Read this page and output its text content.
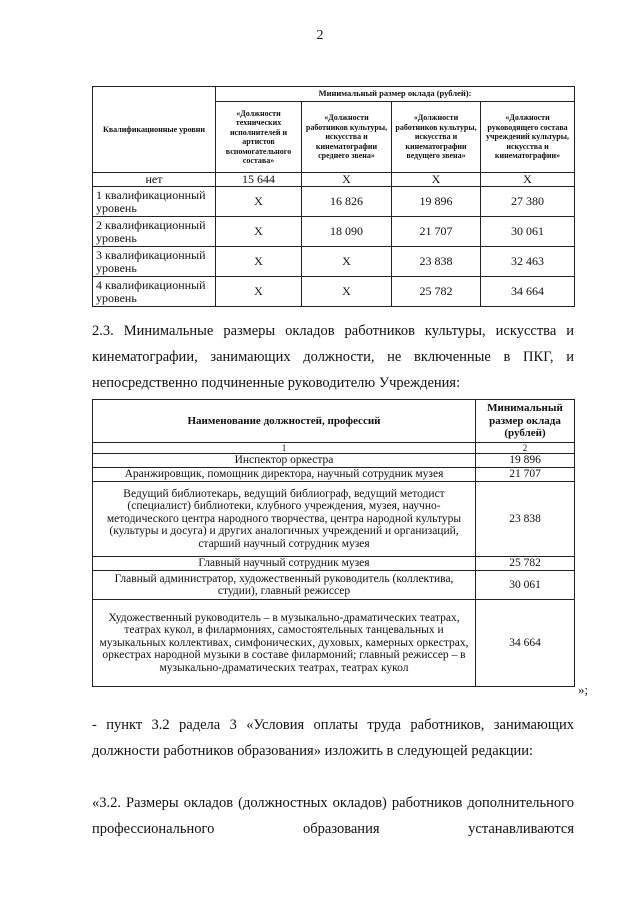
2
Квалификационные уровни	Минимальный размер оклада (рублей):			
	«Должности технических исполнителей и артистов вспомогательного состава»	«Должности работников культуры, искусства и кинематографии среднего звена»	«Должности работников культуры, искусства и кинематографии ведущего звена»	«Должности руководящего состава учреждений культуры, искусства и кинематографии»
нет	15 644	Х	Х	Х
1 квалификационный уровень	Х	16 826	19 896	27 380
2 квалификационный уровень	Х	18 090	21 707	30 061
3 квалификационный уровень	Х	Х	23 838	32 463
4 квалификационный уровень	Х	Х	25 782	34 664

2.3. Минимальные размеры окладов работников культуры, искусства и кинематографии, занимающих должности, не включенные в ПКГ, и непосредственно подчиненные руководителю Учреждения:

Наименование должностей, профессий	Минимальный размер оклада (рублей)
1	2
Инспектор оркестра	19 896
Аранжировщик, помощник директора, научный сотрудник музея	21 707
Ведущий библиотекарь, ведущий библиограф, ведущий методист (специалист) библиотеки, клубного учреждения, музея, научно-методического центра народного творчества, центра народной культуры (культуры и досуга) и других аналогичных учреждений и организаций, старший научный сотрудник музея	23 838
Главный научный сотрудник музея	25 782
Главный администратор, художественный руководитель (коллектива, студии), главный режиссер	30 061
Художественный руководитель – в музыкально-драматических театрах, театрах кукол, в филармониях, самостоятельных танцевальных и музыкальных коллективах, симфонических, духовых, камерных оркестрах, оркестрах народной музыки в составе филармоний; главный режиссер – в музыкально-драматических театрах, театрах кукол	34 664
»;

- пункт 3.2 радела 3 «Условия оплаты труда работников, занимающих должности работников образования» изложить в следующей редакции:

«3.2. Размеры окладов (должностных окладов) работников дополнительного профессионального образования устанавливаются
